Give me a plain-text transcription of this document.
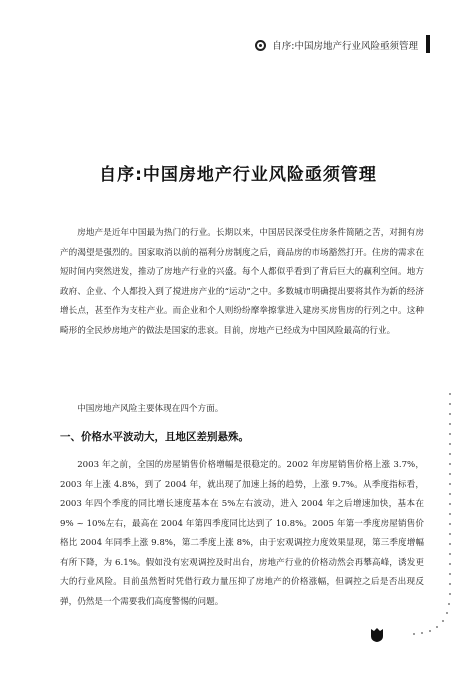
自序:中国房地产行业风险亟须管理
自序:中国房地产行业风险亟须管理

房地产是近年中国最为热门的行业。长期以来，中国居民深受住房条件简陋之苦，对拥有房产的渴望是强烈的。国家取消以前的福利分房制度之后，商品房的市场豁然打开。住房的需求在短时间内突然迸发，推动了房地产行业的兴盛。每个人都似乎看到了背后巨大的赢利空间。地方政府、企业、个人都投入到了搅进房产业的“运动”之中。多数城市明确提出要将其作为新的经济增长点，甚至作为支柱产业。而企业和个人则纷纷摩拳擦掌进入建房买房售房的行列之中。这种畸形的全民炒房地产的做法是国家的悲哀。目前，房地产已经成为中国风险最高的行业。

中国房地产风险主要体现在四个方面。

一、价格水平波动大，且地区差别悬殊。

2003 年之前，全国的房屋销售价格增幅是很稳定的。2002 年房屋销售价格上涨 3.7%，2003 年上涨 4.8%，到了 2004 年，就出现了加速上扬的趋势，上涨 9.7%。从季度指标看，2003 年四个季度的同比增长速度基本在 5%左右波动，进入 2004 年之后增速加快，基本在 9% ~ 10%左右，最高在 2004 年第四季度同比达到了 10.8%。2005 年第一季度房屋销售价格比 2004 年同季上涨 9.8%，第二季度上涨 8%，由于宏观调控力度效果显现，第三季度增幅有所下降，为 6.1%。假如没有宏观调控及时出台，房地产行业的价格动然会再攀高峰，诱发更大的行业风险。目前虽然暂时凭借行政力量压抑了房地产的价格涨幅，但调控之后是否出现反弹，仍然是一个需要我们高度警惕的问题。
